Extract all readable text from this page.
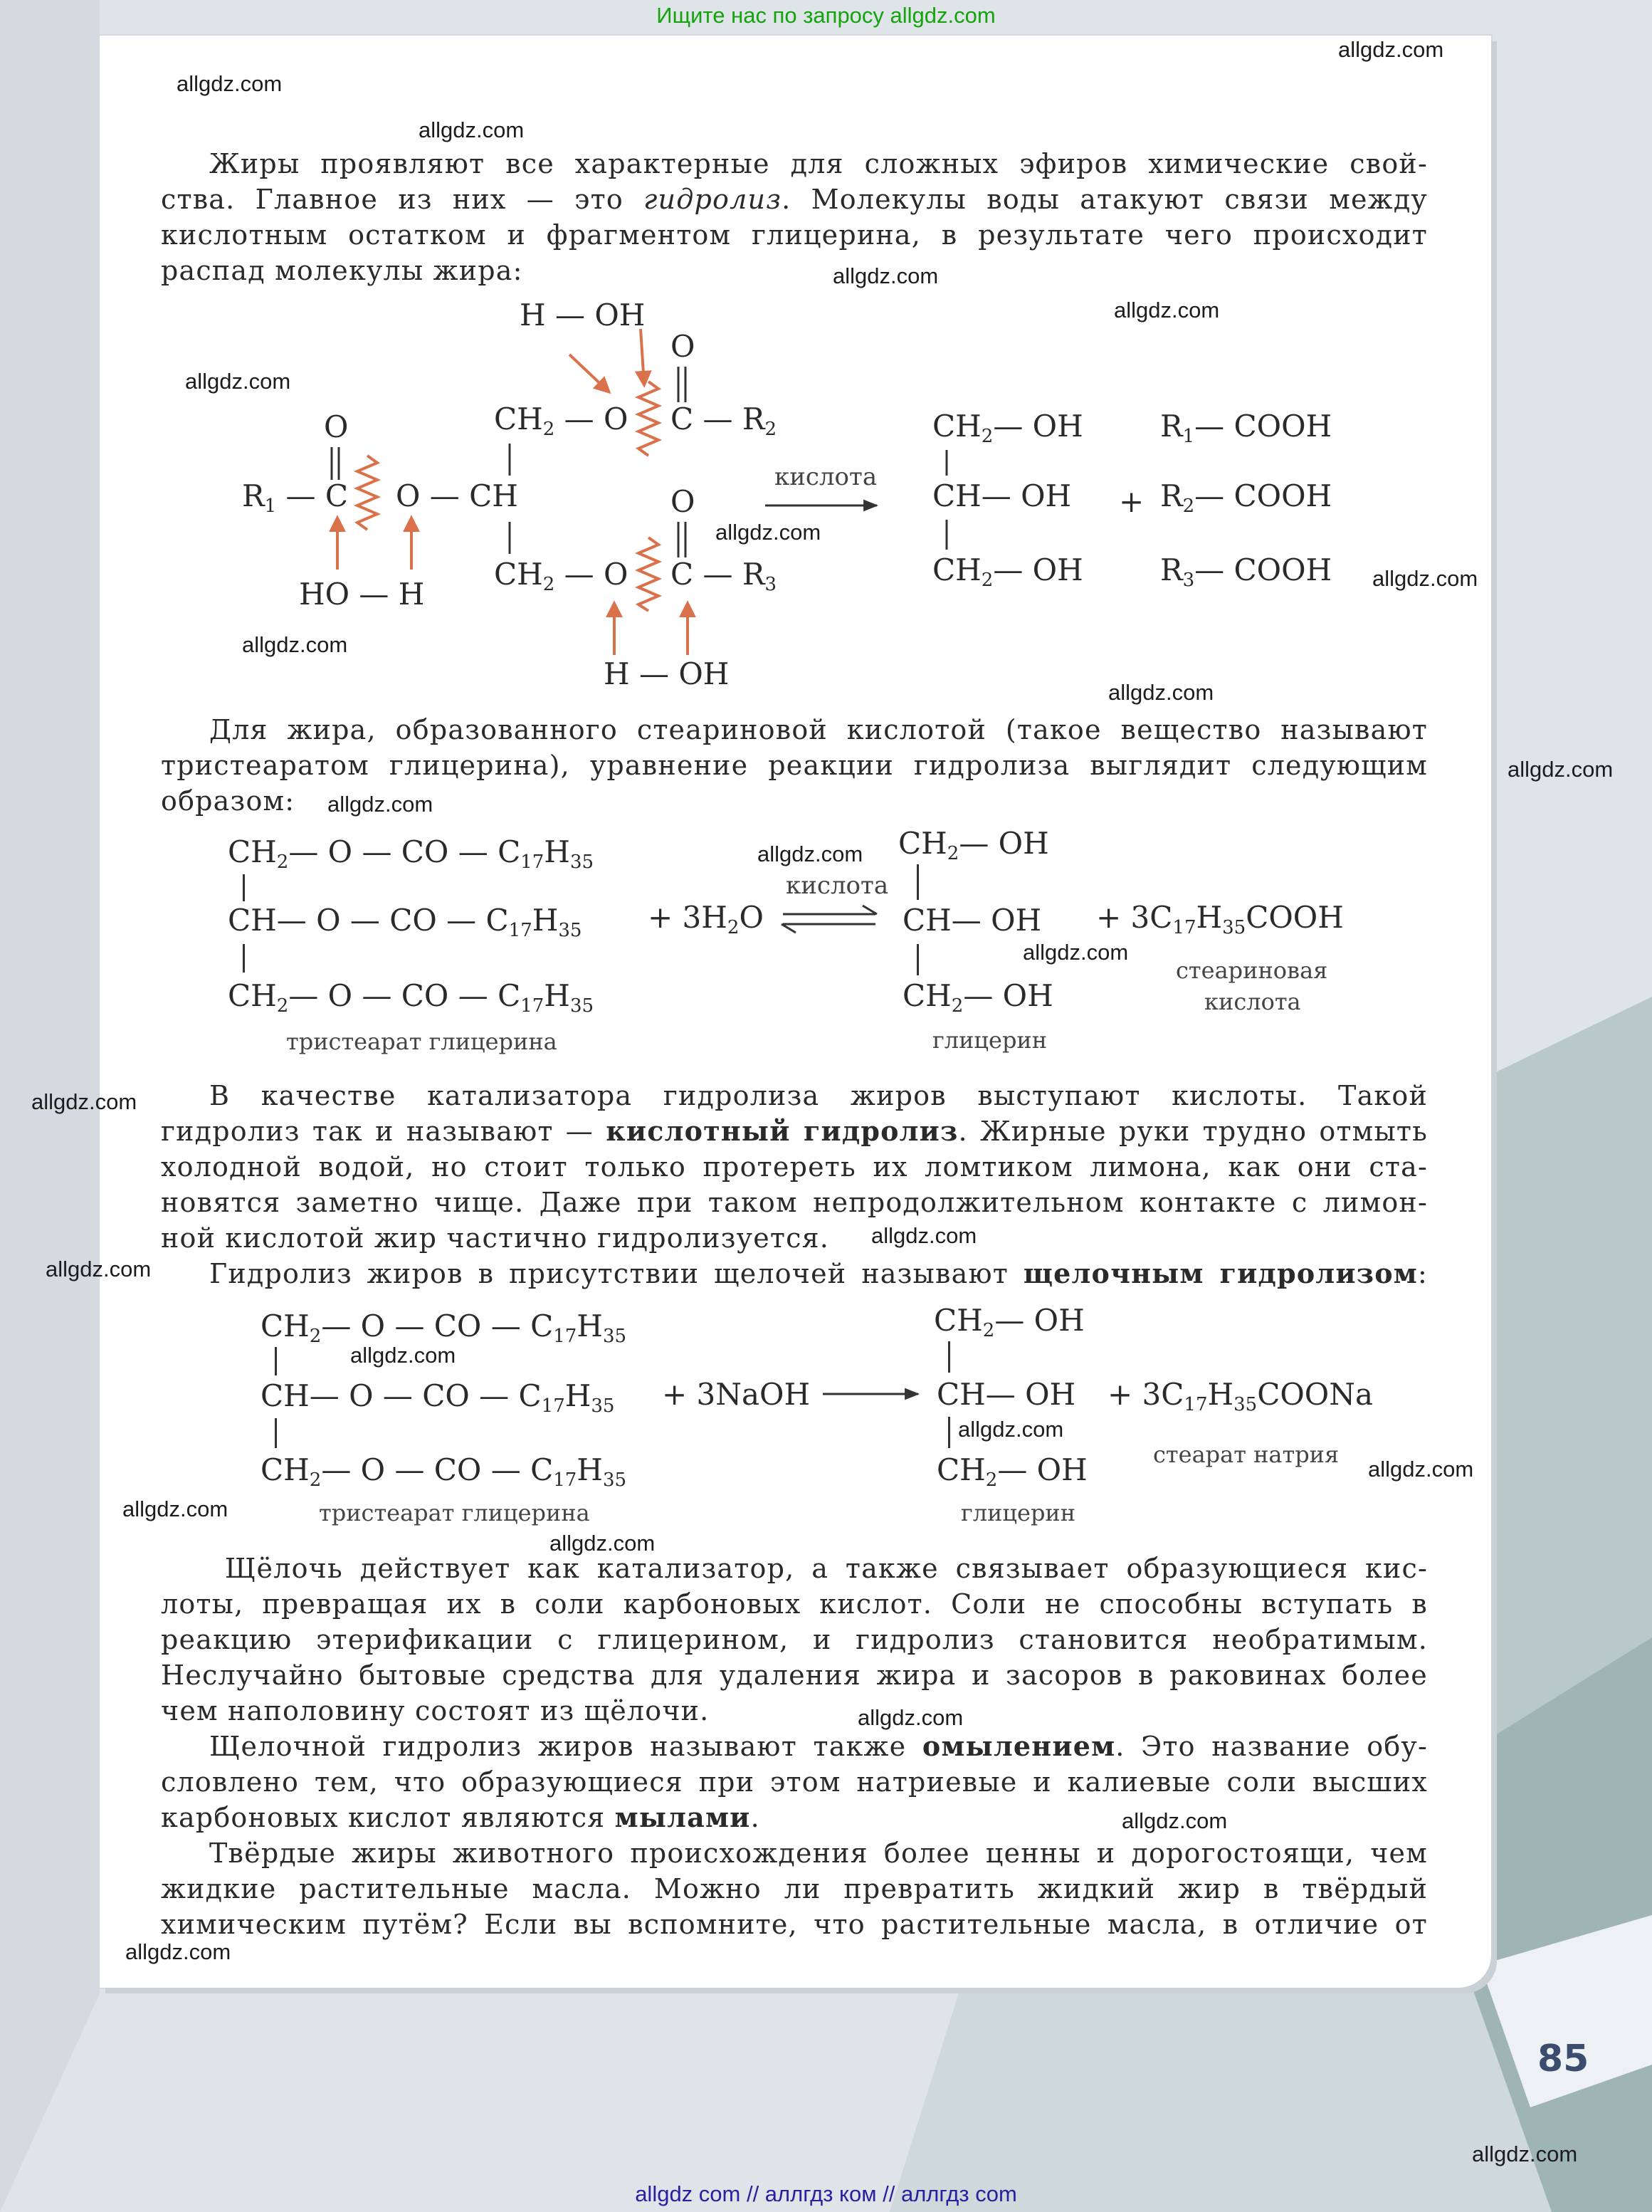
Ищите нас по запросу allgdz.com
allgdz com // аллгдз ком // аллгдз com
allgdz.com
allgdz.com
allgdz.com
allgdz.com
allgdz.com
allgdz.com
allgdz.com
allgdz.com
allgdz.com
allgdz.com
allgdz.com
allgdz.com
allgdz.com
allgdz.com
allgdz.com
allgdz.com
allgdz.com
allgdz.com
allgdz.com
allgdz.com
allgdz.com
allgdz.com
allgdz.com
allgdz.com
allgdz.com
allgdz.com
Жиры проявляют все характерные для сложных эфиров химические свой-
ства. Главное из них — это гидролиз. Молекулы воды атакуют связи между
кислотным остатком и фрагментом глицерина, в результате чего происходит
распад молекулы жира:
H — OH
O
$CH_2$ — O C — $R_2$
O
$R_1$ — C O — CH	O
$CH_2$ — O C — $R_3$
HO — H
H — OH
кислота
$CH_2—$ OH
CH— OH
$CH_2—$ OH
+
$R_1—$ COOH
$R_2—$ COOH
$R_3—$ COOH
Для жира, образованного стеариновой кислотой (такое вещество называют
тристеаратом глицерина), уравнение реакции гидролиза выглядит следующим
образом:
$CH_2—$ O — CO — $C_{17}H_{35}$
CH— O — CO — $C_{17}H_{35}$
$CH_2—$ O — CO — $C_{17}H_{35}$
тристеарат глицерина
+ $3H_2O$
кислота
$CH_2—$ OH
CH— OH
$CH_2—$ OH
глицерин
+ $3C_{17}H_{35}COOH$
стеариновая
кислота
В качестве катализатора гидролиза жиров выступают кислоты. Такой
гидролиз так и называют — кислотный гидролиз. Жирные руки трудно отмыть
холодной водой, но стоит только протереть их ломтиком лимона, как они ста-
новятся заметно чище. Даже при таком непродолжительном контакте с лимон-
ной кислотой жир частично гидролизуется.
Гидролиз жиров в присутствии щелочей называют щелочным гидролизом:
$CH_2—$ O — CO — $C_{17}H_{35}$
CH— O — CO — $C_{17}H_{35}$
$CH_2—$ O — CO — $C_{17}H_{35}$
тристеарат глицерина
+ 3NaOH
$CH_2—$ OH
CH— OH
$CH_2—$ OH
глицерин
+ $3C_{17}H_{35}COONa$
стеарат натрия
Щёлочь действует как катализатор, а также связывает образующиеся кис-
лоты, превращая их в соли карбоновых кислот. Соли не способны вступать в
реакцию этерификации с глицерином, и гидролиз становится необратимым.
Неслучайно бытовые средства для удаления жира и засоров в раковинах более
чем наполовину состоят из щёлочи.
Щелочной гидролиз жиров называют также омылением. Это название обу-
словлено тем, что образующиеся при этом натриевые и калиевые соли высших
карбоновых кислот являются мылами.
Твёрдые жиры животного происхождения более ценны и дорогостоящи, чем
жидкие растительные масла. Можно ли превратить жидкий жир в твёрдый
химическим путём? Если вы вспомните, что растительные масла, в отличие от
85
